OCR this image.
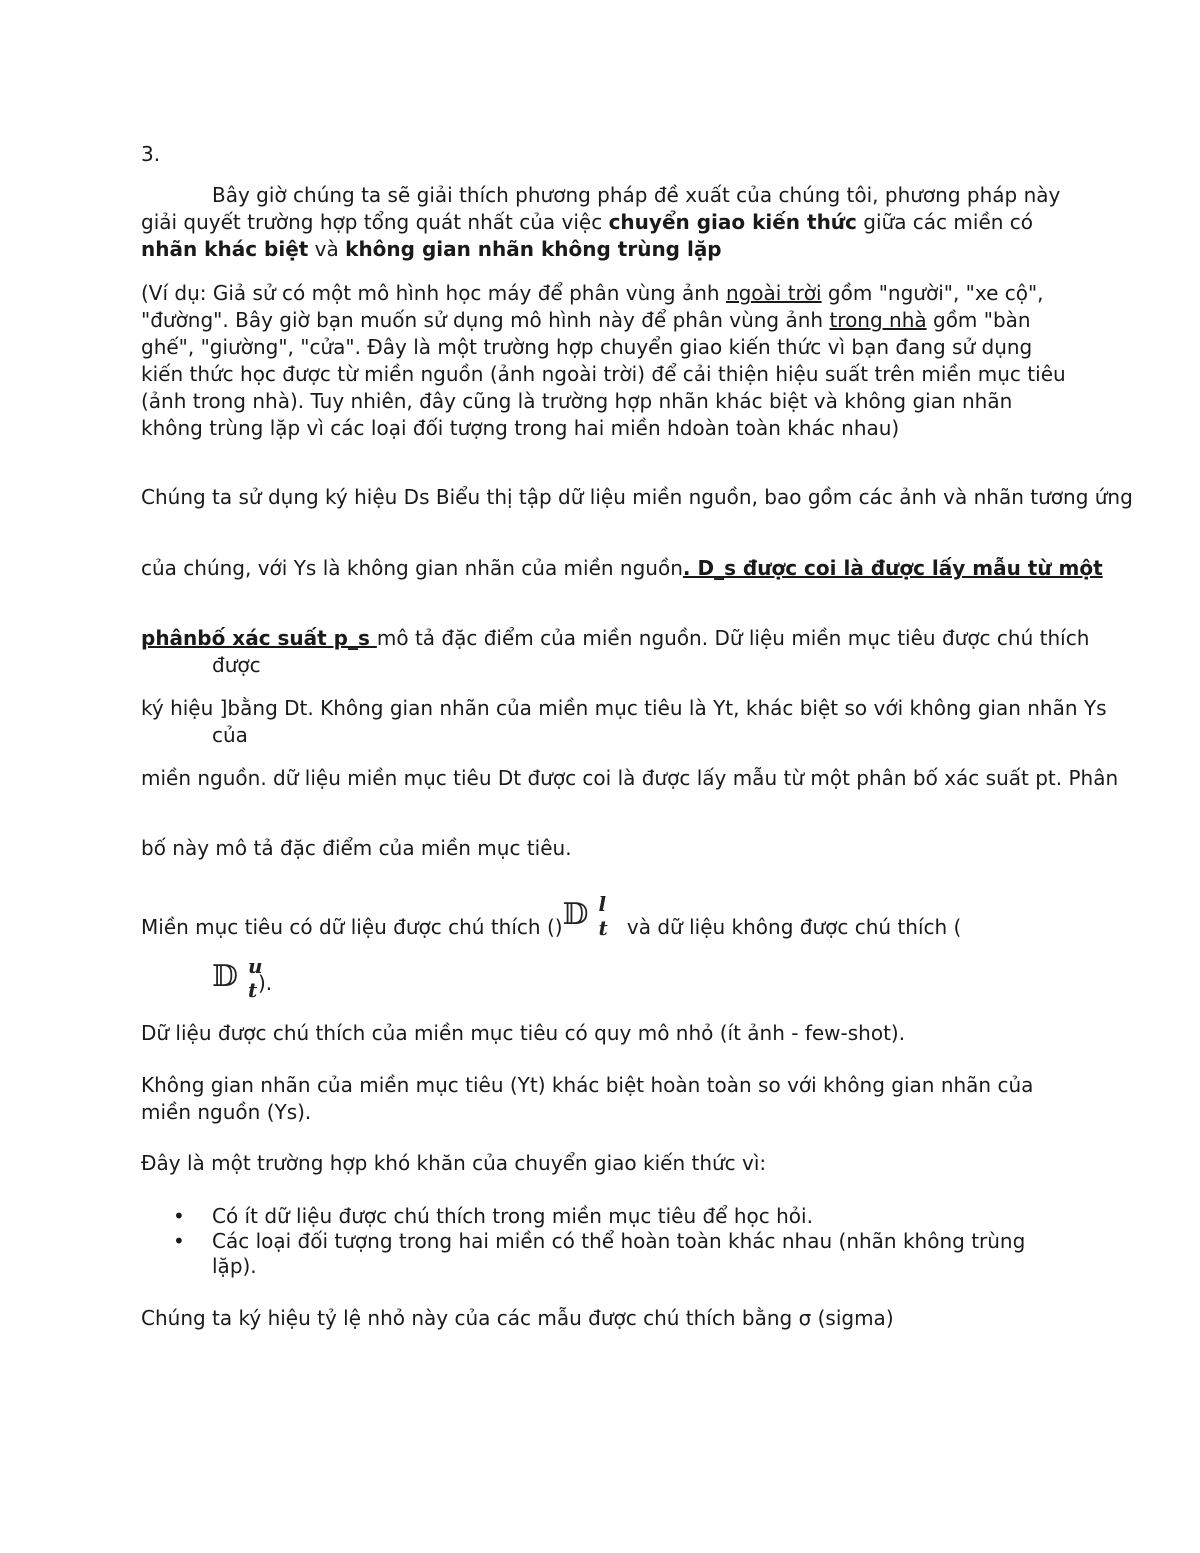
3.
Bây giờ chúng ta sẽ giải thích phương pháp đề xuất của chúng tôi, phương pháp này giải quyết trường hợp tổng quát nhất của việc chuyển giao kiến thức giữa các miền có nhãn khác biệt và không gian nhãn không trùng lặp
(Ví dụ: Giả sử có một mô hình học máy để phân vùng ảnh ngoài trời gồm "người", "xe cộ", "đường". Bây giờ bạn muốn sử dụng mô hình này để phân vùng ảnh trong nhà gồm "bàn ghế", "giường", "cửa". Đây là một trường hợp chuyển giao kiến thức vì bạn đang sử dụng kiến thức học được từ miền nguồn (ảnh ngoài trời) để cải thiện hiệu suất trên miền mục tiêu (ảnh trong nhà). Tuy nhiên, đây cũng là trường hợp nhãn khác biệt và không gian nhãn không trùng lặp vì các loại đối tượng trong hai miền hdoàn toàn khác nhau)
Chúng ta sử dụng ký hiệu Ds Biểu thị tập dữ liệu miền nguồn, bao gồm các ảnh và nhãn tương ứng
của chúng, với Ys là không gian nhãn của miền nguồn. D_s được coi là được lấy mẫu từ một
phânbố xác suất p_s mô tả đặc điểm của miền nguồn. Dữ liệu miền mục tiêu được chú thích được
ký hiệu ]bằng Dt. Không gian nhãn của miền mục tiêu là Yt, khác biệt so với không gian nhãn Ys của
miền nguồn. dữ liệu miền mục tiêu Dt được coi là được lấy mẫu từ một phân bố xác suất pt. Phân
bố này mô tả đặc điểm của miền mục tiêu.
Miền mục tiêu có dữ liệu được chú thích ()𝔻 l
t và dữ liệu không được chú thích (
𝔻 u
t ).
Dữ liệu được chú thích của miền mục tiêu có quy mô nhỏ (ít ảnh - few-shot).
Không gian nhãn của miền mục tiêu (Yt) khác biệt hoàn toàn so với không gian nhãn của miền nguồn (Ys).
Đây là một trường hợp khó khăn của chuyển giao kiến thức vì:
• Có ít dữ liệu được chú thích trong miền mục tiêu để học hỏi.
• Các loại đối tượng trong hai miền có thể hoàn toàn khác nhau (nhãn không trùng lặp).
Chúng ta ký hiệu tỷ lệ nhỏ này của các mẫu được chú thích bằng σ (sigma)
